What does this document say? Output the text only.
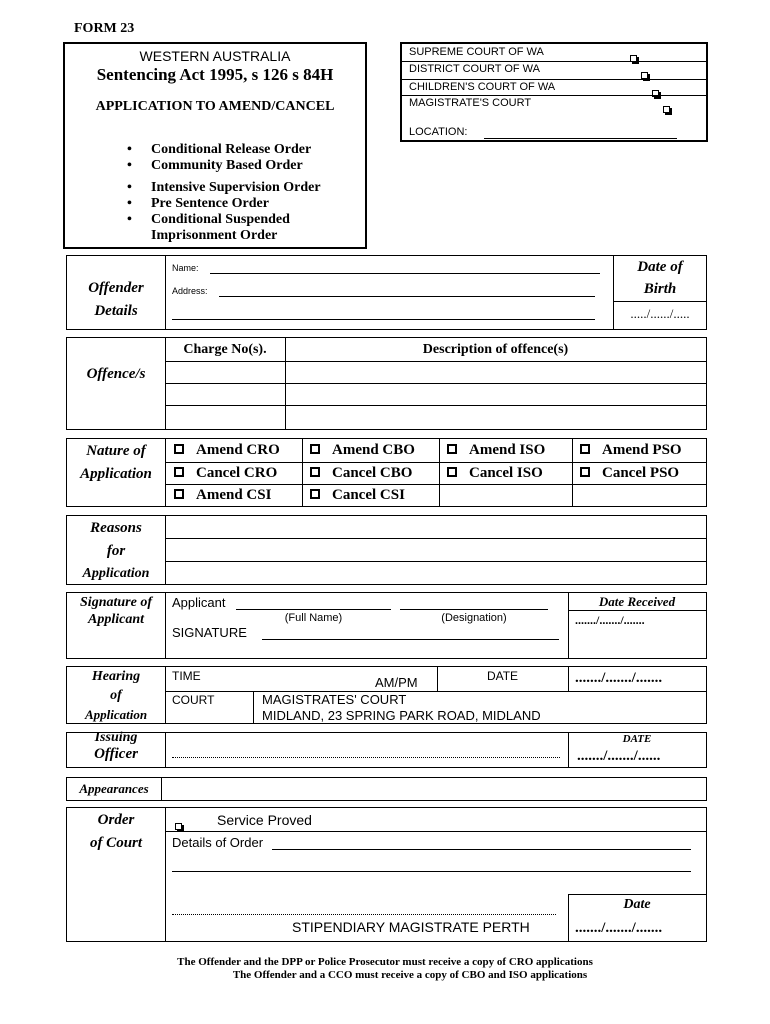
FORM 23
WESTERN AUSTRALIA
Sentencing Act 1995, s 126 s 84H
APPLICATION TO AMEND/CANCEL
• Conditional Release Order
• Community Based Order
• Intensive Supervision Order
• Pre Sentence Order
• Conditional Suspended
Imprisonment Order
SUPREME COURT OF WA
DISTRICT COURT OF WA
CHILDREN'S COURT OF WA
MAGISTRATE'S COURT

LOCATION:
Offender
Details
Name:
Address:
Date of
Birth
...../....../.....
Offence/s
Charge No(s).	Description of offence(s)
Nature of
Application
Amend CRO	Amend CBO	Amend ISO	Amend PSO
Cancel CRO	Cancel CBO	Cancel ISO	Cancel PSO
Amend CSI	Cancel CSI
Reasons
for
Application
Signature of
Applicant
Applicant
(Full Name)	(Designation)
SIGNATURE
Date Received
......./......./.......
Hearing
of
Application
TIME	AM/PM	DATE	......./......./.......
COURT	MAGISTRATES' COURT
MIDLAND, 23 SPRING PARK ROAD, MIDLAND
Issuing
Officer
DATE
......./......./......
Appearances
Order
of Court
Service Proved
Details of Order
STIPENDIARY MAGISTRATE PERTH
Date
......./......./.......
The Offender and the DPP or Police Prosecutor must receive a copy of CRO applications
The Offender and a CCO must receive a copy of CBO and ISO applications
